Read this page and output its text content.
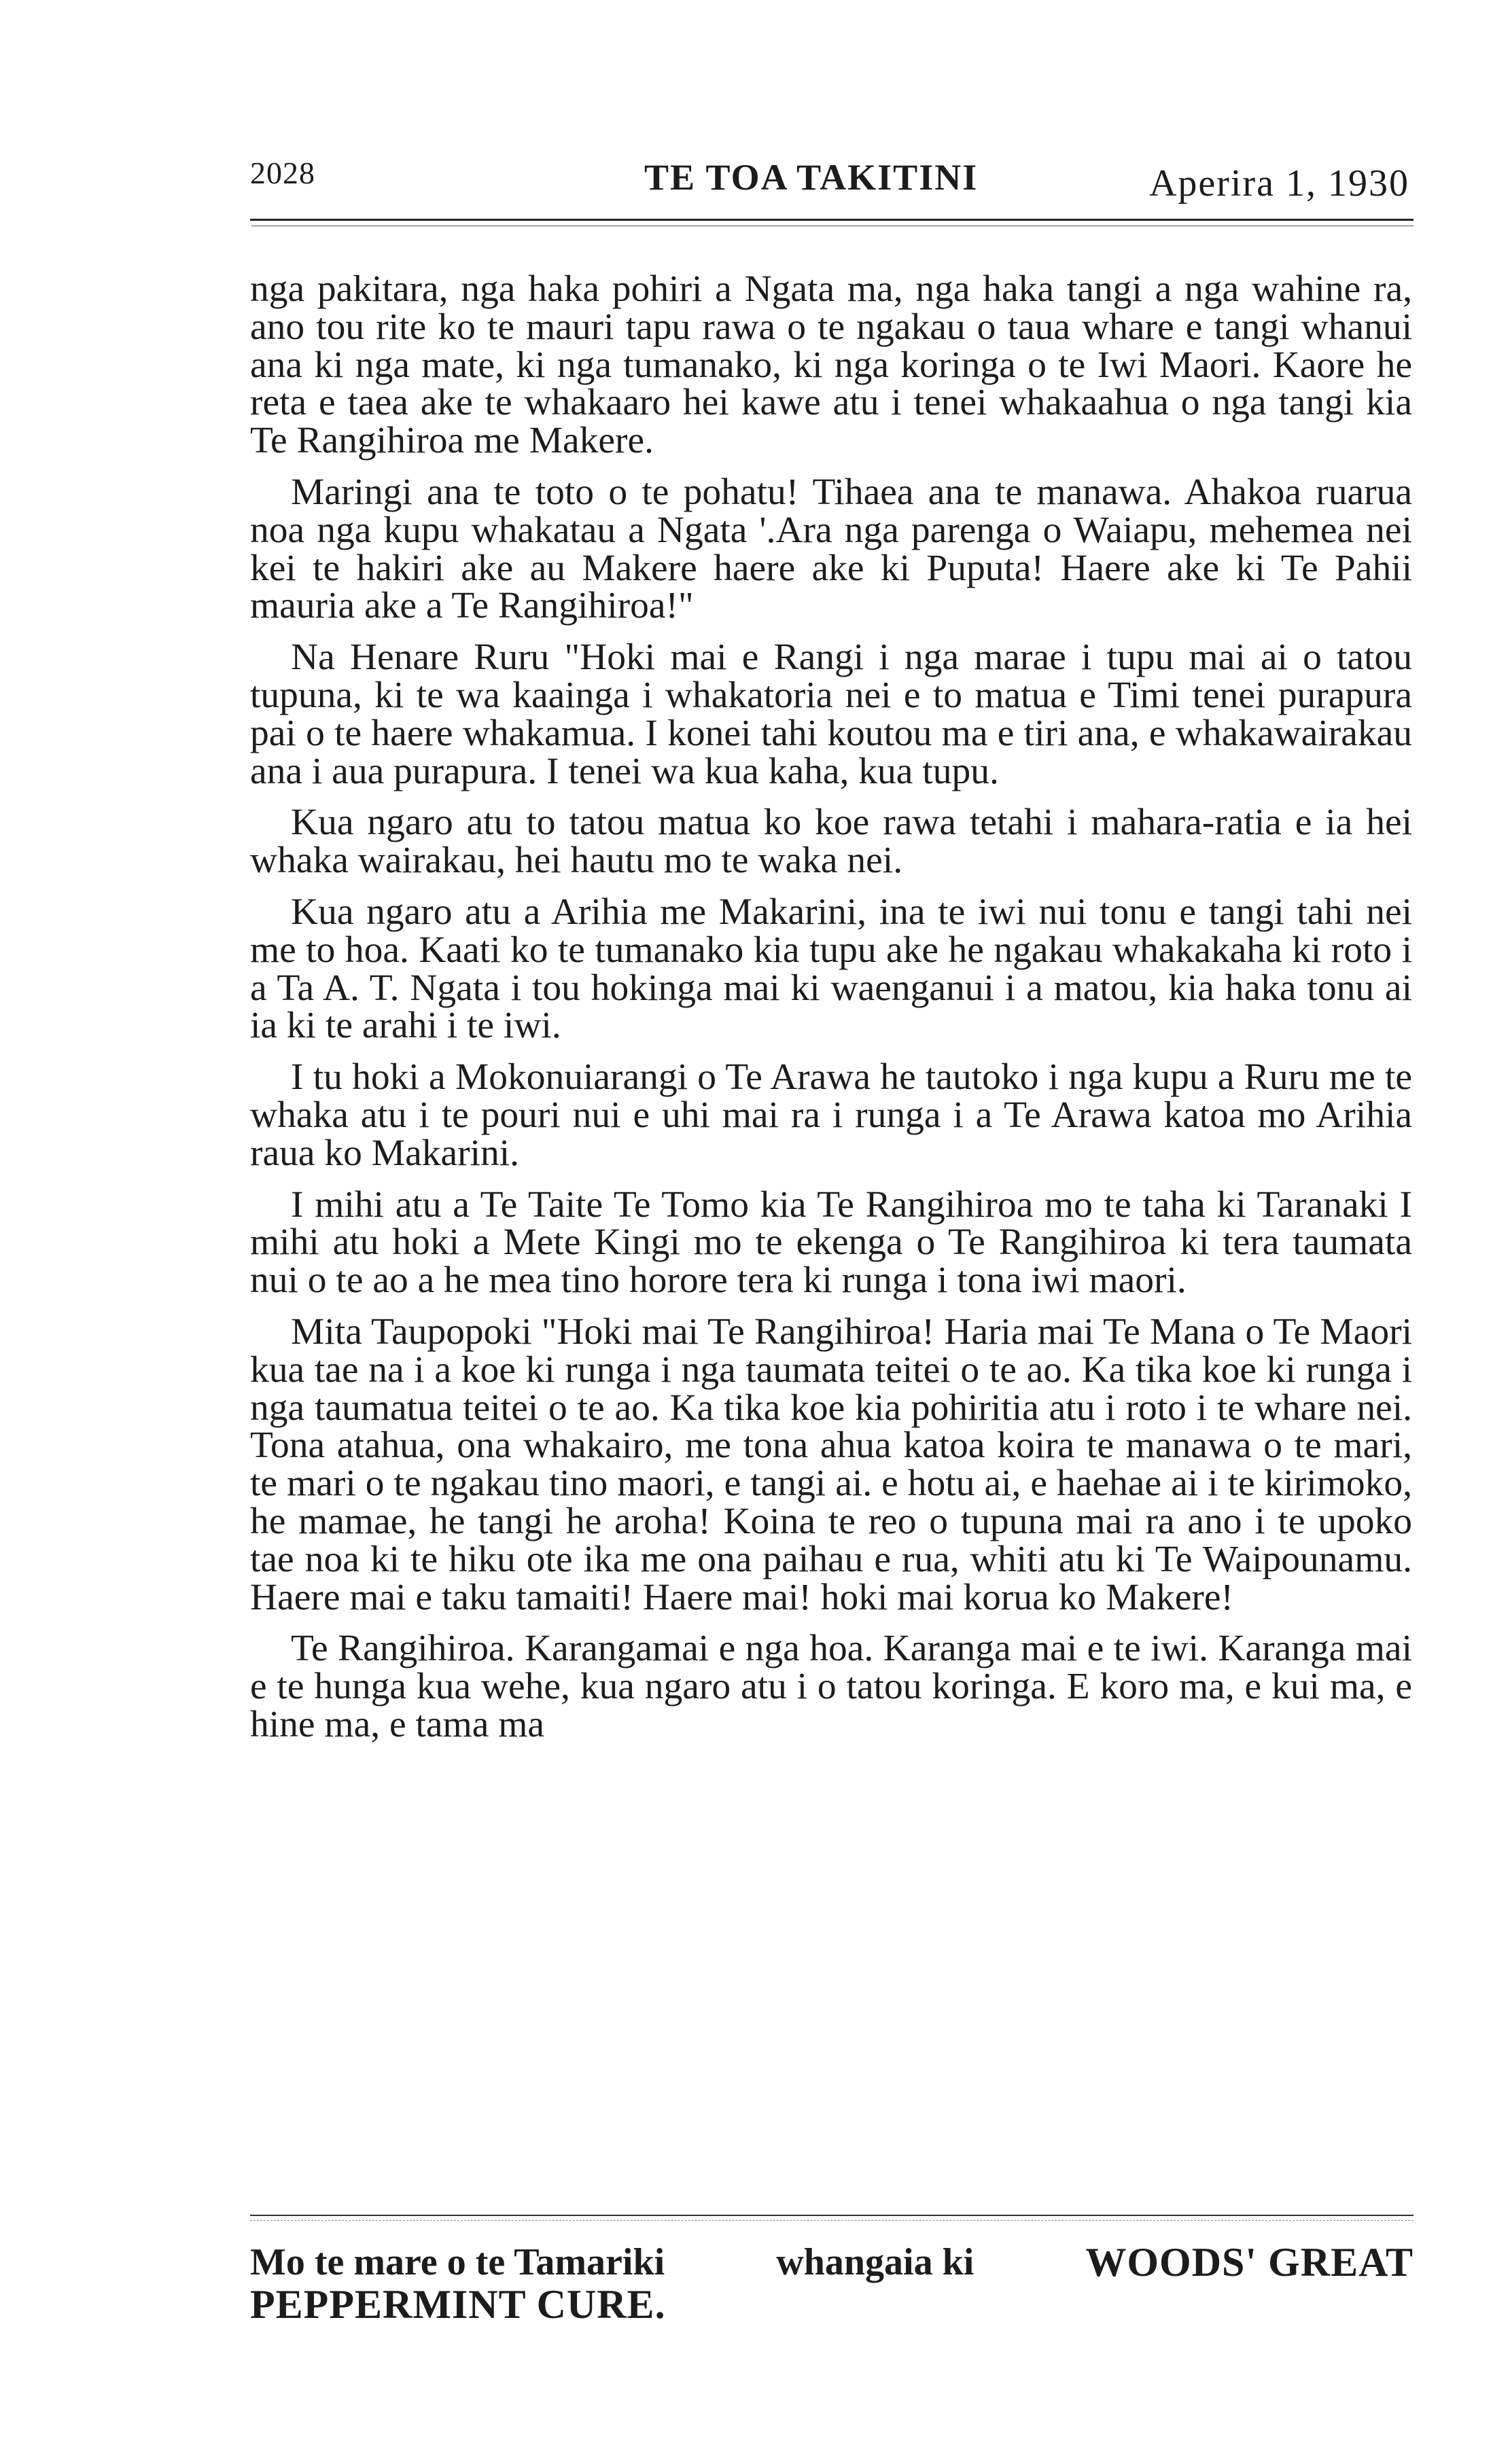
2028	TE TOA TAKITINI	Aperira 1, 1930

nga pakitara, nga haka pohiri a Ngata ma, nga haka tangi a nga wahine ra, ano tou rite ko te mauri tapu rawa o te ngakau o taua whare e tangi whanui ana ki nga mate, ki nga tumanako, ki nga koringa o te Iwi Maori. Kaore he reta e taea ake te whakaaro hei kawe atu i tenei whakaahua o nga tangi kia Te Rangihiroa me Makere.

Maringi ana te toto o te pohatu! Tihaea ana te manawa. Ahakoa ruarua noa nga kupu whakatau a Ngata '.Ara nga parenga o Waiapu, mehemea nei kei te hakiri ake au Makere haere ake ki Puputa! Haere ake ki Te Pahii mauria ake a Te Rangihiroa!"

Na Henare Ruru "Hoki mai e Rangi i nga marae i tupu mai ai o tatou tupuna, ki te wa kaainga i whakatoria nei e to matua e Timi tenei purapura pai o te haere whakamua. I konei tahi koutou ma e tiri ana, e whakawairakau ana i aua purapura. I tenei wa kua kaha, kua tupu.

Kua ngaro atu to tatou matua ko koe rawa tetahi i mahara-ratia e ia hei whaka wairakau, hei hautu mo te waka nei.

Kua ngaro atu a Arihia me Makarini, ina te iwi nui tonu e tangi tahi nei me to hoa. Kaati ko te tumanako kia tupu ake he ngakau whakakaha ki roto i a Ta A. T. Ngata i tou hokinga mai ki waenganui i a matou, kia haka tonu ai ia ki te arahi i te iwi.

I tu hoki a Mokonuiarangi o Te Arawa he tautoko i nga kupu a Ruru me te whaka atu i te pouri nui e uhi mai ra i runga i a Te Arawa katoa mo Arihia raua ko Makarini.

I mihi atu a Te Taite Te Tomo kia Te Rangihiroa mo te taha ki Taranaki I mihi atu hoki a Mete Kingi mo te ekenga o Te Rangihiroa ki tera taumata nui o te ao a he mea tino horore tera ki runga i tona iwi maori.

Mita Taupopoki "Hoki mai Te Rangihiroa! Haria mai Te Mana o Te Maori kua tae na i a koe ki runga i nga taumata teitei o te ao. Ka tika koe ki runga i nga taumatua teitei o te ao. Ka tika koe kia pohiritia atu i roto i te whare nei. Tona atahua, ona whakairo, me tona ahua katoa koira te manawa o te mari, te mari o te ngakau tino maori, e tangi ai. e hotu ai, e haehae ai i te kirimoko, he mamae, he tangi he aroha! Koina te reo o tupuna mai ra ano i te upoko tae noa ki te hiku ote ika me ona paihau e rua, whiti atu ki Te Waipounamu. Haere mai e taku tamaiti! Haere mai! hoki mai korua ko Makere!

Te Rangihiroa. Karangamai e nga hoa. Karanga mai e te iwi. Karanga mai e te hunga kua wehe, kua ngaro atu i o tatou koringa. E koro ma, e kui ma, e hine ma, e tama ma

Mo te mare o te Tamariki	whangaia ki	WOODS' GREAT
PEPPERMINT CURE.
